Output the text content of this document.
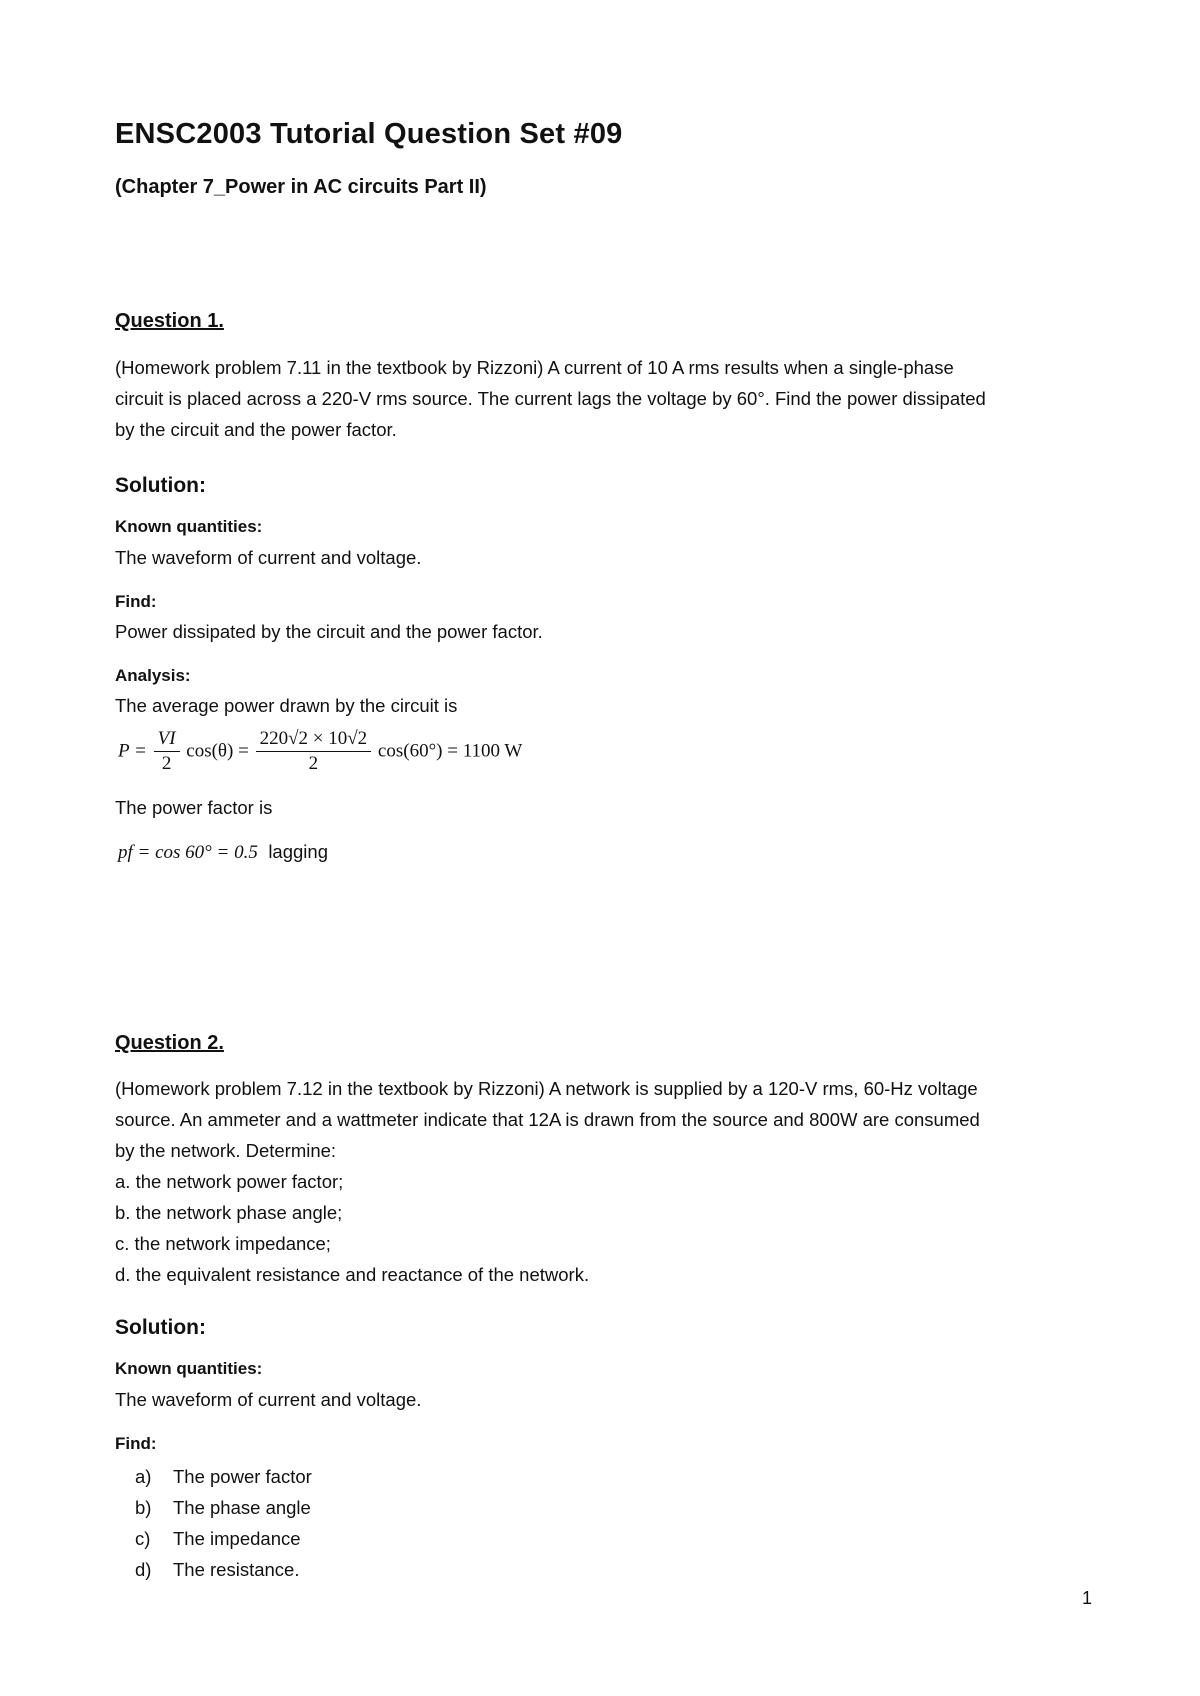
ENSC2003 Tutorial Question Set #09
(Chapter 7_Power in AC circuits Part II)
Question 1.
(Homework problem 7.11 in the textbook by Rizzoni) A current of 10 A rms results when a single-phase
circuit is placed across a 220-V rms source. The current lags the voltage by 60°. Find the power dissipated
by the circuit and the power factor.
Solution:
Known quantities:
The waveform of current and voltage.
Find:
Power dissipated by the circuit and the power factor.
Analysis:
The average power drawn by the circuit is
$P = \frac{VI}{2} \cos(\theta) = \frac{220√2 \times 10√2}{2} \cos(60^\circ) = 1100$ W
The power factor is
pf = cos 60° = 0.5 lagging
Question 2.
(Homework problem 7.12 in the textbook by Rizzoni) A network is supplied by a 120-V rms, 60-Hz voltage
source. An ammeter and a wattmeter indicate that 12A is drawn from the source and 800W are consumed
by the network. Determine:
a. the network power factor;
b. the network phase angle;
c. the network impedance;
d. the equivalent resistance and reactance of the network.
Solution:
Known quantities:
The waveform of current and voltage.
Find:
a) The power factor
b) The phase angle
c) The impedance
d) The resistance.
1
